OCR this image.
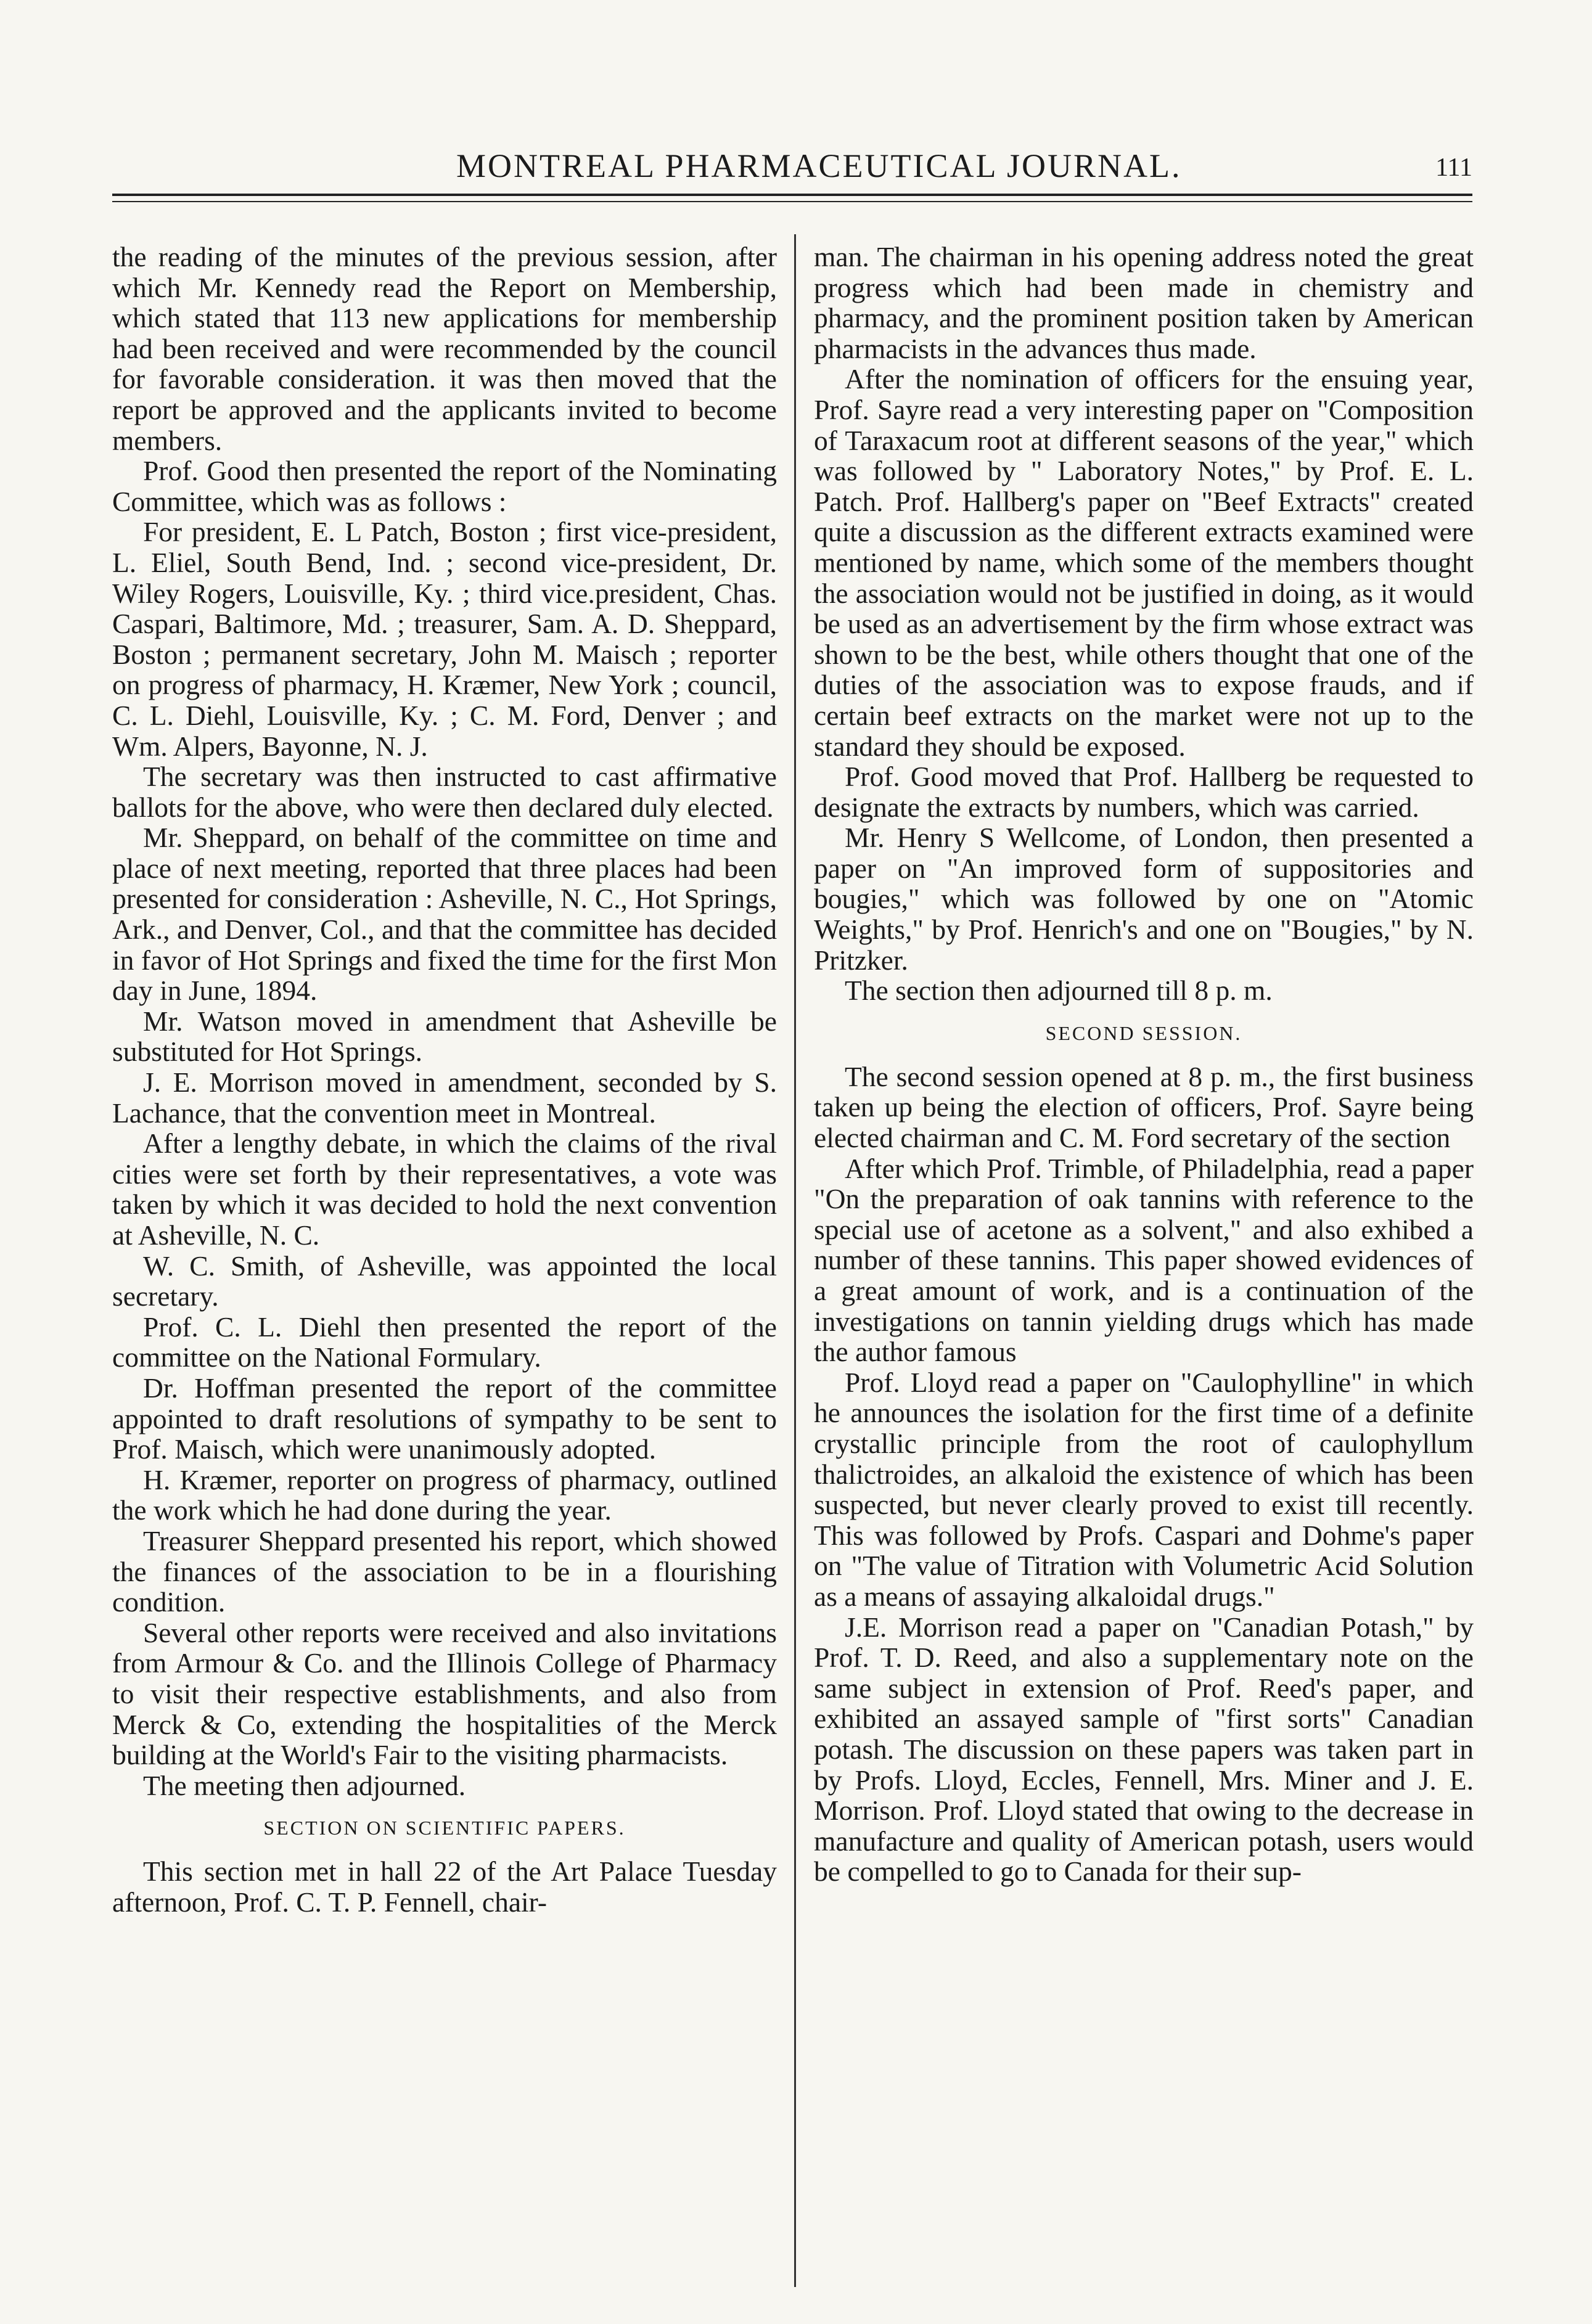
MONTREAL PHARMACEUTICAL JOURNAL.	111

the reading of the minutes of the previous session, after which Mr. Kennedy read the Report on Membership, which stated that 113 new applications for membership had been received and were recommended by the council for favorable consideration. it was then moved that the report be approved and the applicants invited to become members.

Prof. Good then presented the report of the Nominating Committee, which was as follows :

For president, E. L Patch, Boston ; first vice-president, L. Eliel, South Bend, Ind. ; second vice-president, Dr. Wiley Rogers, Louisville, Ky. ; third vice.president, Chas. Caspari, Baltimore, Md. ; treasurer, Sam. A. D. Sheppard, Boston ; permanent secretary, John M. Maisch ; reporter on progress of pharmacy, H. Kræmer, New York ; council, C. L. Diehl, Louisville, Ky. ; C. M. Ford, Denver ; and Wm. Alpers, Bayonne, N. J.

The secretary was then instructed to cast affirmative ballots for the above, who were then declared duly elected.

Mr. Sheppard, on behalf of the committee on time and place of next meeting, reported that three places had been presented for consideration : Asheville, N. C., Hot Springs, Ark., and Denver, Col., and that the committee has decided in favor of Hot Springs and fixed the time for the first Mon day in June, 1894.

Mr. Watson moved in amendment that Asheville be substituted for Hot Springs.

J. E. Morrison moved in amendment, seconded by S. Lachance, that the convention meet in Montreal.

After a lengthy debate, in which the claims of the rival cities were set forth by their representatives, a vote was taken by which it was decided to hold the next convention at Asheville, N. C.

W. C. Smith, of Asheville, was appointed the local secretary.

Prof. C. L. Diehl then presented the report of the committee on the National Formulary.

Dr. Hoffman presented the report of the committee appointed to draft resolutions of sympathy to be sent to Prof. Maisch, which were unanimously adopted.

H. Kræmer, reporter on progress of pharmacy, outlined the work which he had done during the year.

Treasurer Sheppard presented his report, which showed the finances of the association to be in a flourishing condition.

Several other reports were received and also invitations from Armour & Co. and the Illinois College of Pharmacy to visit their respective establishments, and also from Merck & Co, extending the hospitalities of the Merck building at the World's Fair to the visiting pharmacists.

The meeting then adjourned.

SECTION ON SCIENTIFIC PAPERS.

This section met in hall 22 of the Art Palace Tuesday afternoon, Prof. C. T. P. Fennell, chair-

man. The chairman in his opening address noted the great progress which had been made in chemistry and pharmacy, and the prominent position taken by American pharmacists in the advances thus made.

After the nomination of officers for the ensuing year, Prof. Sayre read a very interesting paper on "Composition of Taraxacum root at different seasons of the year," which was followed by " Laboratory Notes," by Prof. E. L. Patch. Prof. Hallberg's paper on "Beef Extracts" created quite a discussion as the different extracts examined were mentioned by name, which some of the members thought the association would not be justified in doing, as it would be used as an advertisement by the firm whose extract was shown to be the best, while others thought that one of the duties of the association was to expose frauds, and if certain beef extracts on the market were not up to the standard they should be exposed.

Prof. Good moved that Prof. Hallberg be requested to designate the extracts by numbers, which was carried.

Mr. Henry S Wellcome, of London, then presented a paper on "An improved form of suppositories and bougies," which was followed by one on "Atomic Weights," by Prof. Henrich's and one on "Bougies," by N. Pritzker.

The section then adjourned till 8 p. m.

SECOND SESSION.

The second session opened at 8 p. m., the first business taken up being the election of officers, Prof. Sayre being elected chairman and C. M. Ford secretary of the section

After which Prof. Trimble, of Philadelphia, read a paper "On the preparation of oak tannins with reference to the special use of acetone as a solvent," and also exhibed a number of these tannins. This paper showed evidences of a great amount of work, and is a continuation of the investigations on tannin yielding drugs which has made the author famous

Prof. Lloyd read a paper on "Caulophylline" in which he announces the isolation for the first time of a definite crystallic principle from the root of caulophyllum thalictroides, an alkaloid the existence of which has been suspected, but never clearly proved to exist till recently. This was followed by Profs. Caspari and Dohme's paper on "The value of Titration with Volumetric Acid Solution as a means of assaying alkaloidal drugs."

J.E. Morrison read a paper on "Canadian Potash," by Prof. T. D. Reed, and also a supplementary note on the same subject in extension of Prof. Reed's paper, and exhibited an assayed sample of "first sorts" Canadian potash. The discussion on these papers was taken part in by Profs. Lloyd, Eccles, Fennell, Mrs. Miner and J. E. Morrison. Prof. Lloyd stated that owing to the decrease in manufacture and quality of American potash, users would be compelled to go to Canada for their sup-
